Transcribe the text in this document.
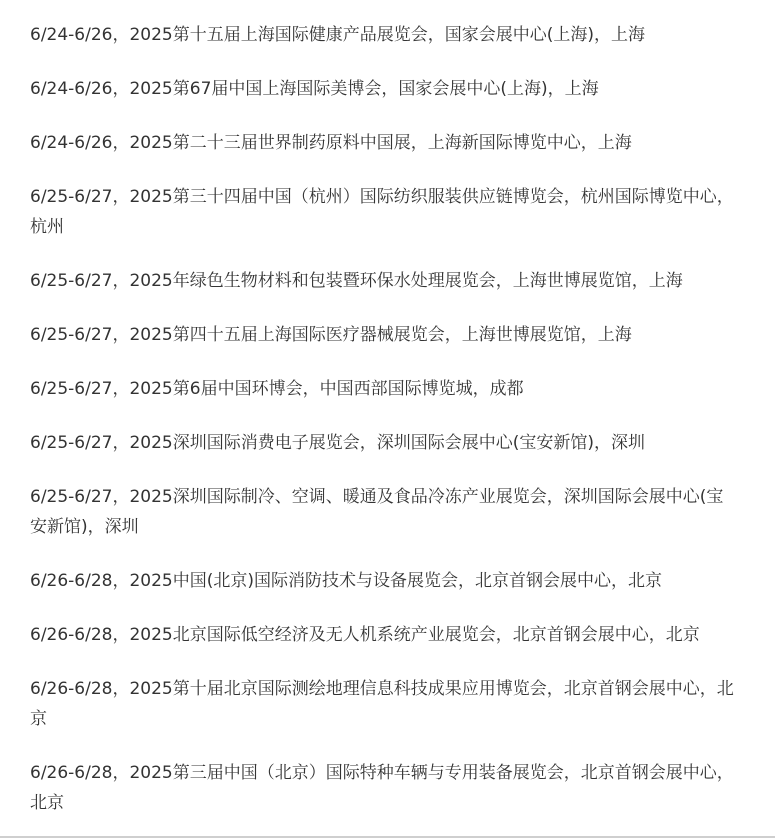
6/24-6/26，2025第十五届上海国际健康产品展览会，国家会展中心(上海)，上海

6/24-6/26，2025第67届中国上海国际美博会，国家会展中心(上海)，上海

6/24-6/26，2025第二十三届世界制药原料中国展，上海新国际博览中心，上海

6/25-6/27，2025第三十四届中国（杭州）国际纺织服装供应链博览会，杭州国际博览中心，杭州

6/25-6/27，2025年绿色生物材料和包装暨环保水处理展览会，上海世博展览馆，上海

6/25-6/27，2025第四十五届上海国际医疗器械展览会，上海世博展览馆，上海

6/25-6/27，2025第6届中国环博会，中国西部国际博览城，成都

6/25-6/27，2025深圳国际消费电子展览会，深圳国际会展中心(宝安新馆)，深圳

6/25-6/27，2025深圳国际制冷、空调、暖通及食品冷冻产业展览会，深圳国际会展中心(宝安新馆)，深圳

6/26-6/28，2025中国(北京)国际消防技术与设备展览会，北京首钢会展中心，北京

6/26-6/28，2025北京国际低空经济及无人机系统产业展览会，北京首钢会展中心，北京

6/26-6/28，2025第十届北京国际测绘地理信息科技成果应用博览会，北京首钢会展中心，北京

6/26-6/28，2025第三届中国（北京）国际特种车辆与专用装备展览会，北京首钢会展中心，北京
